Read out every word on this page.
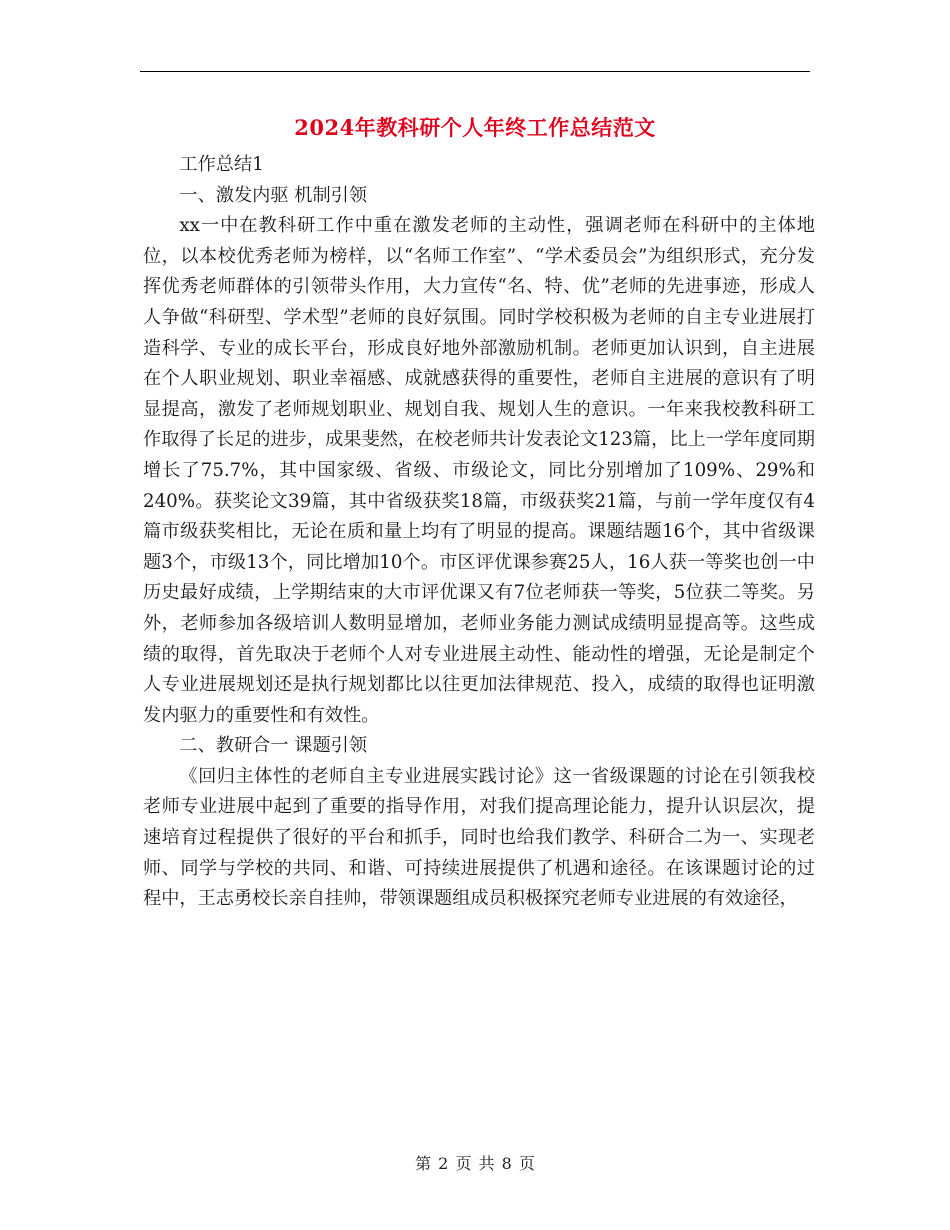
2024年教科研个人年终工作总结范文

工作总结1

一、激发内驱 机制引领

xx一中在教科研工作中重在激发老师的主动性，强调老师在科研中的主体地位，以本校优秀老师为榜样，以“名师工作室”、“学术委员会”为组织形式，充分发挥优秀老师群体的引领带头作用，大力宣传“名、特、优”老师的先进事迹，形成人人争做“科研型、学术型”老师的良好氛围。同时学校积极为老师的自主专业进展打造科学、专业的成长平台，形成良好地外部激励机制。老师更加认识到，自主进展在个人职业规划、职业幸福感、成就感获得的重要性，老师自主进展的意识有了明显提高，激发了老师规划职业、规划自我、规划人生的意识。一年来我校教科研工作取得了长足的进步，成果斐然，在校老师共计发表论文123篇，比上一学年度同期增长了75.7%，其中国家级、省级、市级论文，同比分别增加了109%、29%和240%。获奖论文39篇，其中省级获奖18篇，市级获奖21篇，与前一学年度仅有4篇市级获奖相比，无论在质和量上均有了明显的提高。课题结题16个，其中省级课题3个，市级13个，同比增加10个。市区评优课参赛25人，16人获一等奖也创一中历史最好成绩，上学期结束的大市评优课又有7位老师获一等奖，5位获二等奖。另外，老师参加各级培训人数明显增加，老师业务能力测试成绩明显提高等。这些成绩的取得，首先取决于老师个人对专业进展主动性、能动性的增强，无论是制定个人专业进展规划还是执行规划都比以往更加法律规范、投入，成绩的取得也证明激发内驱力的重要性和有效性。

二、教研合一 课题引领

《回归主体性的老师自主专业进展实践讨论》这一省级课题的讨论在引领我校老师专业进展中起到了重要的指导作用，对我们提高理论能力，提升认识层次，提速培育过程提供了很好的平台和抓手，同时也给我们教学、科研合二为一、实现老师、同学与学校的共同、和谐、可持续进展提供了机遇和途径。在该课题讨论的过程中，王志勇校长亲自挂帅，带领课题组成员积极探究老师专业进展的有效途径，

第 2 页 共 8 页
